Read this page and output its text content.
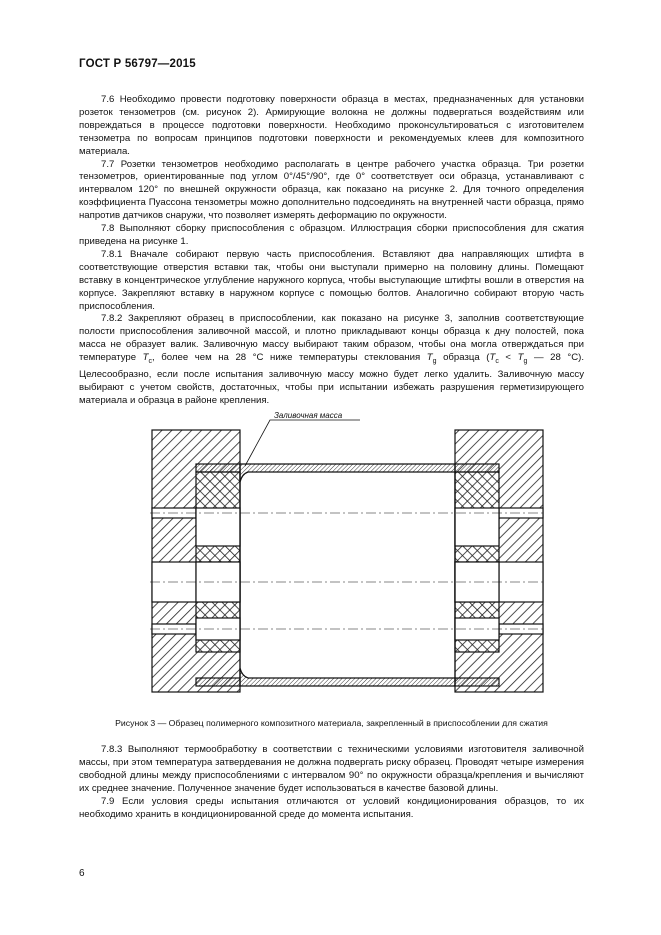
ГОСТ Р 56797—2015

7.6 Необходимо провести подготовку поверхности образца в местах, предназначенных для установки розеток тензометров (см. рисунок 2). Армирующие волокна не должны подвергаться воздействиям или повреждаться в процессе подготовки поверхности. Необходимо проконсультироваться с изготовителем тензометра по вопросам принципов подготовки поверхности и рекомендуемых клеев для композитного материала.

7.7 Розетки тензометров необходимо располагать в центре рабочего участка образца. Три розетки тензометров, ориентированные под углом 0°/45°/90°, где 0° соответствует оси образца, устанавливают с интервалом 120° по внешней окружности образца, как показано на рисунке 2. Для точного определения коэффициента Пуассона тензометры можно дополнительно подсоединять на внутренней части образца, прямо напротив датчиков снаружи, что позволяет измерять деформацию по окружности.

7.8 Выполняют сборку приспособления с образцом. Иллюстрация сборки приспособления для сжатия приведена на рисунке 1.

7.8.1 Вначале собирают первую часть приспособления. Вставляют два направляющих штифта в соответствующие отверстия вставки так, чтобы они выступали примерно на половину длины. Помещают вставку в концентрическое углубление наружного корпуса, чтобы выступающие штифты вошли в отверстия на корпусе. Закрепляют вставку в наружном корпусе с помощью болтов. Аналогично собирают вторую часть приспособления.

7.8.2 Закрепляют образец в приспособлении, как показано на рисунке 3, заполнив соответствующие полости приспособления заливочной массой, и плотно прикладывают концы образца к дну полостей, пока масса не образует валик. Заливочную массу выбирают таким образом, чтобы она могла отверждаться при температуре $T_c$, более чем на 28 °C ниже температуры стеклования $T_g$ образца ($T_c < T_g$ — 28 °C). Целесообразно, если после испытания заливочную массу можно будет легко удалить. Заливочную массу выбирают с учетом свойств, достаточных, чтобы при испытании избежать разрушения герметизирующего материала и образца в районе крепления.

Заливочная масса
Рисунок 3 — Образец полимерного композитного материала, закрепленный в приспособлении для сжатия

7.8.3 Выполняют термообработку в соответствии с техническими условиями изготовителя заливочной массы, при этом температура затвердевания не должна подвергать риску образец. Проводят четыре измерения свободной длины между приспособлениями с интервалом 90° по окружности образца/крепления и вычисляют их среднее значение. Полученное значение будет использоваться в качестве базовой длины.

7.9 Если условия среды испытания отличаются от условий кондиционирования образцов, то их необходимо хранить в кондиционированной среде до момента испытания.

6
